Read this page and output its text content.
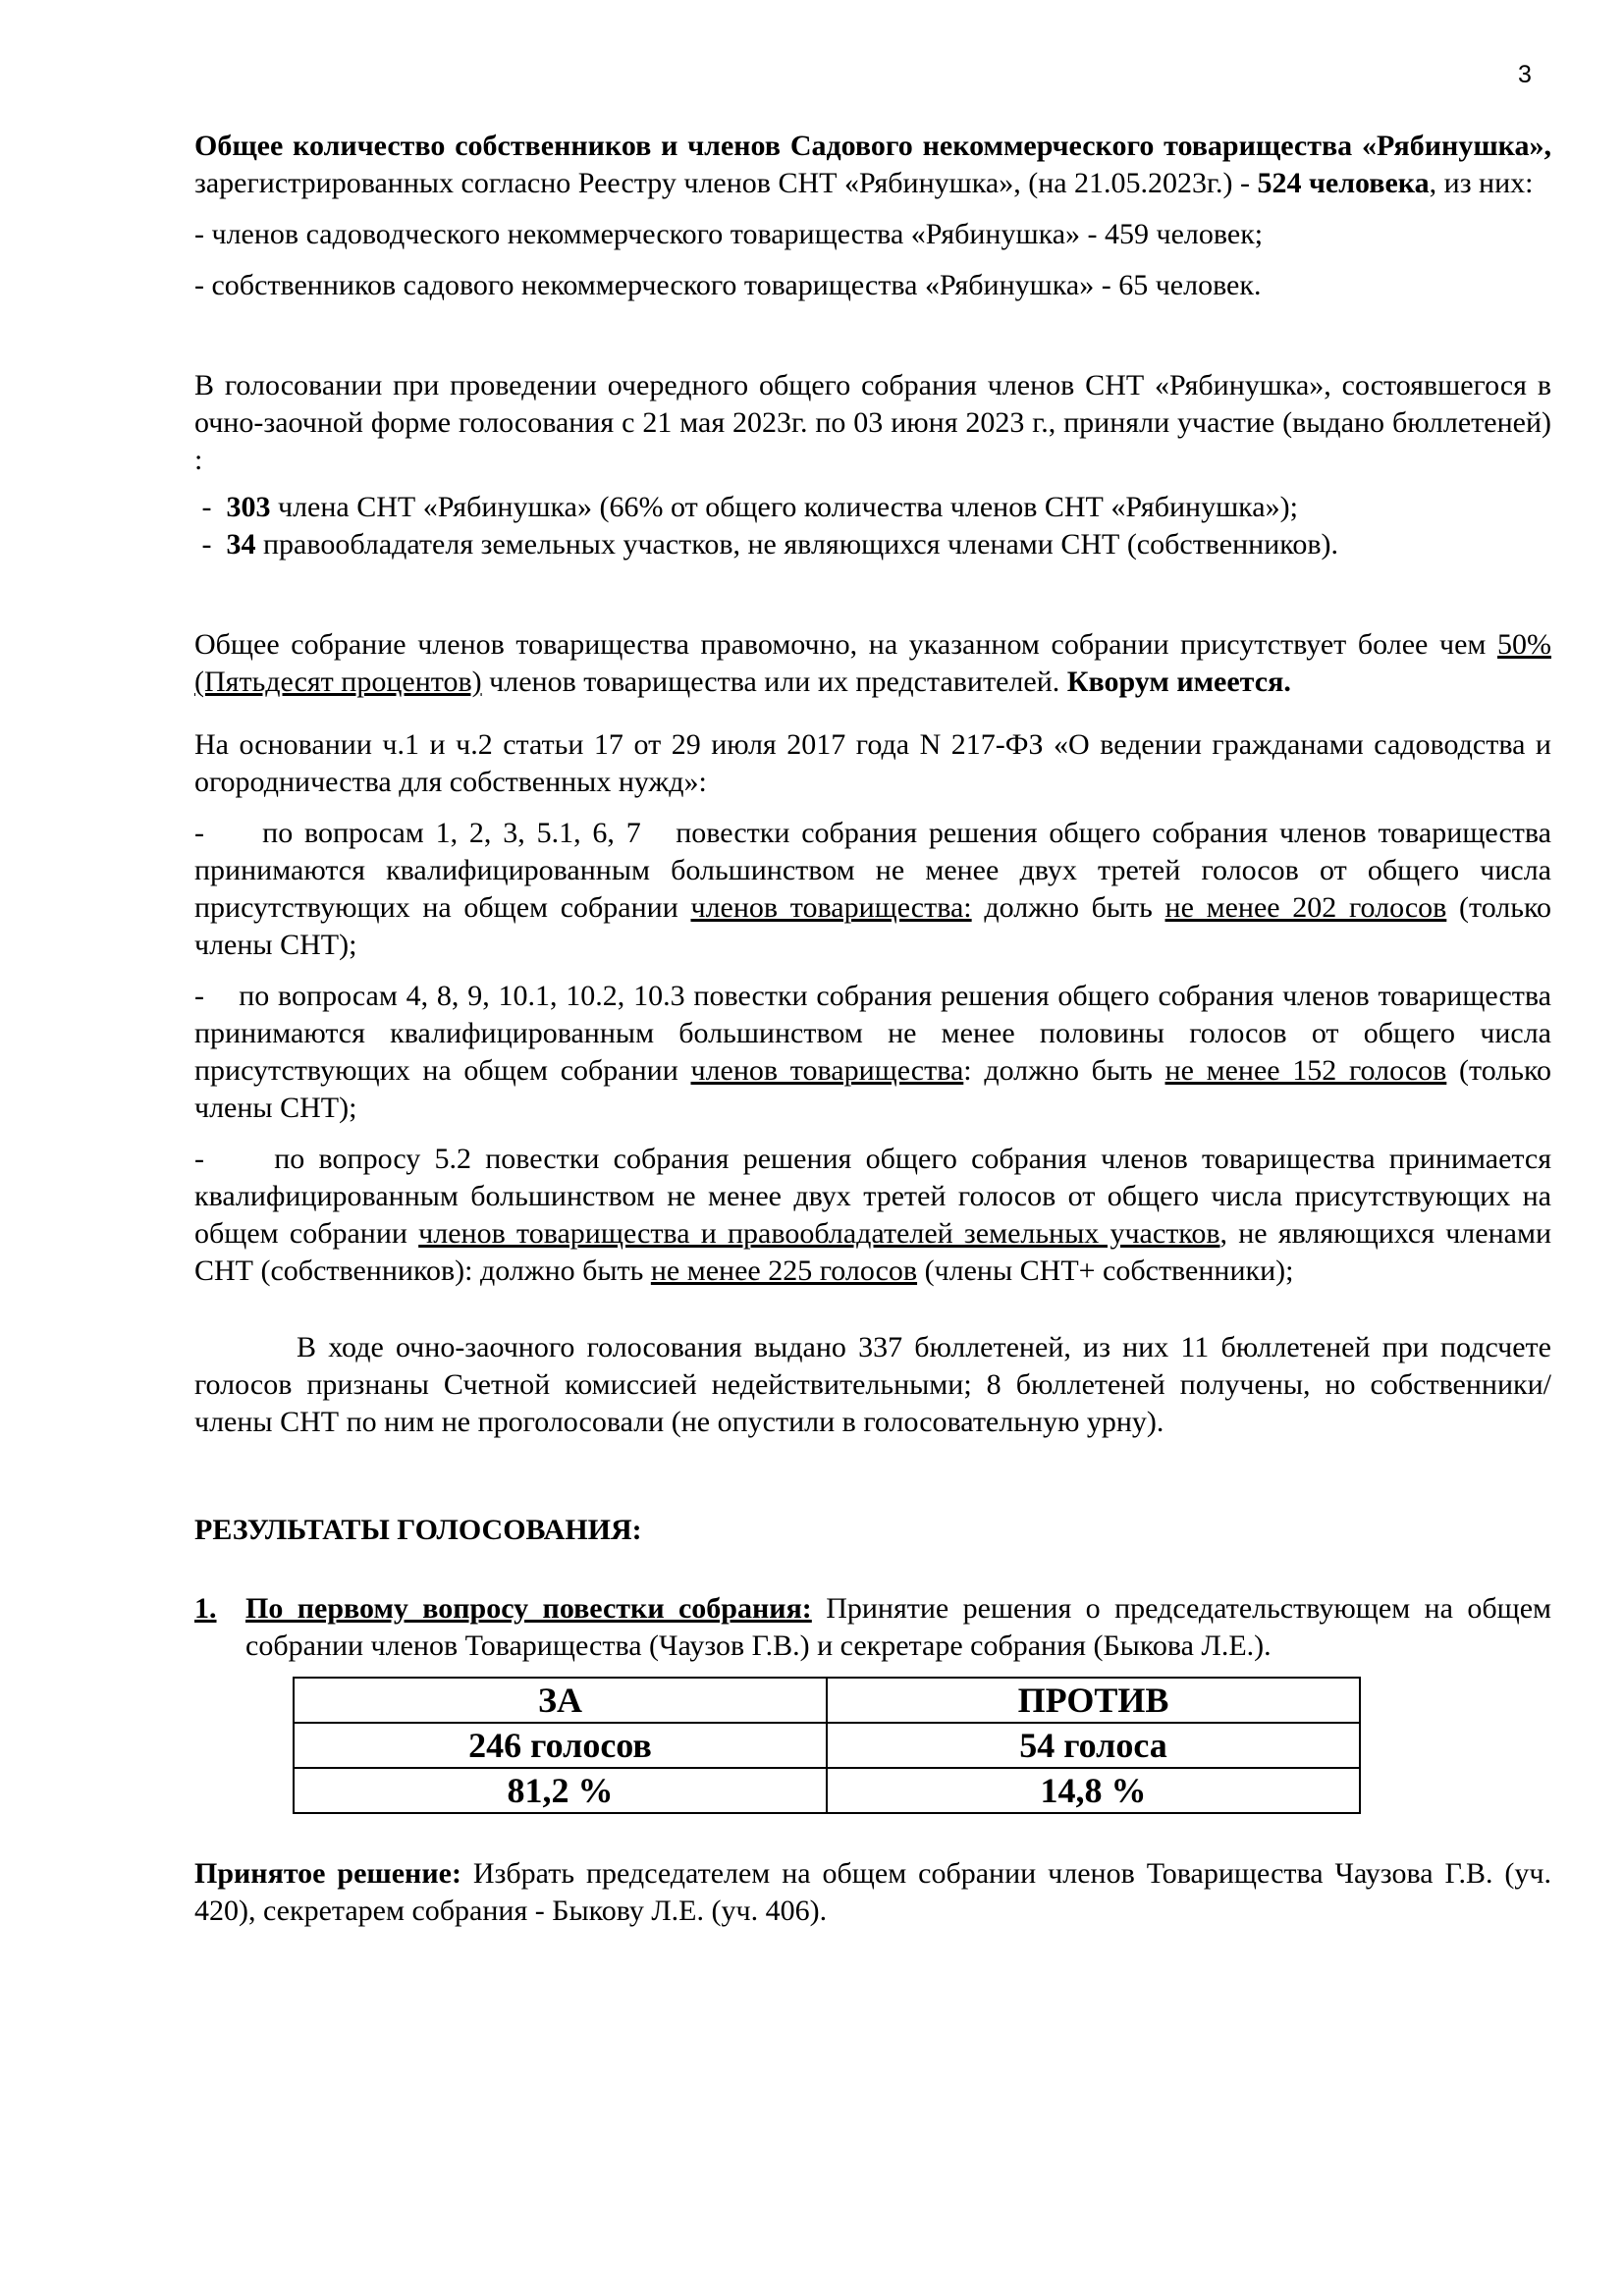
3

Общее количество собственников и членов Садового некоммерческого товарищества «Рябинушка», зарегистрированных согласно Реестру членов СНТ «Рябинушка», (на 21.05.2023г.) - 524 человека, из них:

- членов садоводческого некоммерческого товарищества «Рябинушка» - 459 человек;

- собственников садового некоммерческого товарищества «Рябинушка» - 65 человек.

В голосовании при проведении очередного общего собрания членов СНТ «Рябинушка», состоявшегося в очно-заочной форме голосования с 21 мая 2023г. по 03 июня 2023 г., приняли участие (выдано бюллетеней) :

-  303 члена СНТ «Рябинушка» (66% от общего количества членов СНТ «Рябинушка»);

-  34 правообладателя земельных участков, не являющихся членами СНТ (собственников).

Общее собрание членов товарищества правомочно, на указанном собрании присутствует более чем 50% (Пятьдесят процентов) членов товарищества или их представителей. Кворум имеется.

На основании ч.1 и ч.2 статьи 17 от 29 июля 2017 года N 217-ФЗ «О ведении гражданами садоводства и огородничества для собственных нужд»:

-     по вопросам 1, 2, 3, 5.1, 6, 7   повестки собрания решения общего собрания членов товарищества принимаются квалифицированным большинством не менее двух третей голосов от общего числа присутствующих на общем собрании членов товарищества: должно быть не менее 202 голосов (только члены СНТ);

-    по вопросам 4, 8, 9, 10.1, 10.2, 10.3 повестки собрания решения общего собрания членов товарищества принимаются квалифицированным большинством не менее половины голосов от общего числа присутствующих на общем собрании членов товарищества: должно быть не менее 152 голосов (только члены СНТ);

-     по вопросу 5.2 повестки собрания решения общего собрания членов товарищества принимается квалифицированным большинством не менее двух третей голосов от общего числа присутствующих на общем собрании членов товарищества и правообладателей земельных участков, не являющихся членами СНТ (собственников): должно быть не менее 225 голосов (члены СНТ+ собственники);

В ходе очно-заочного голосования выдано 337 бюллетеней, из них 11 бюллетеней при подсчете голосов признаны Счетной комиссией недействительными; 8 бюллетеней получены, но собственники/члены СНТ по ним не проголосовали (не опустили в голосовательную урну).

РЕЗУЛЬТАТЫ ГОЛОСОВАНИЯ:

1. По первому вопросу повестки собрания: Принятие решения о председательствующем на общем собрании членов Товарищества (Чаузов Г.В.) и секретаре собрания (Быкова Л.Е.).
ЗА	ПРОТИВ
246 голосов	54 голоса
81,2 %	14,8 %

Принятое решение: Избрать председателем на общем собрании членов Товарищества Чаузова Г.В. (уч. 420), секретарем собрания - Быкову Л.Е. (уч. 406).
